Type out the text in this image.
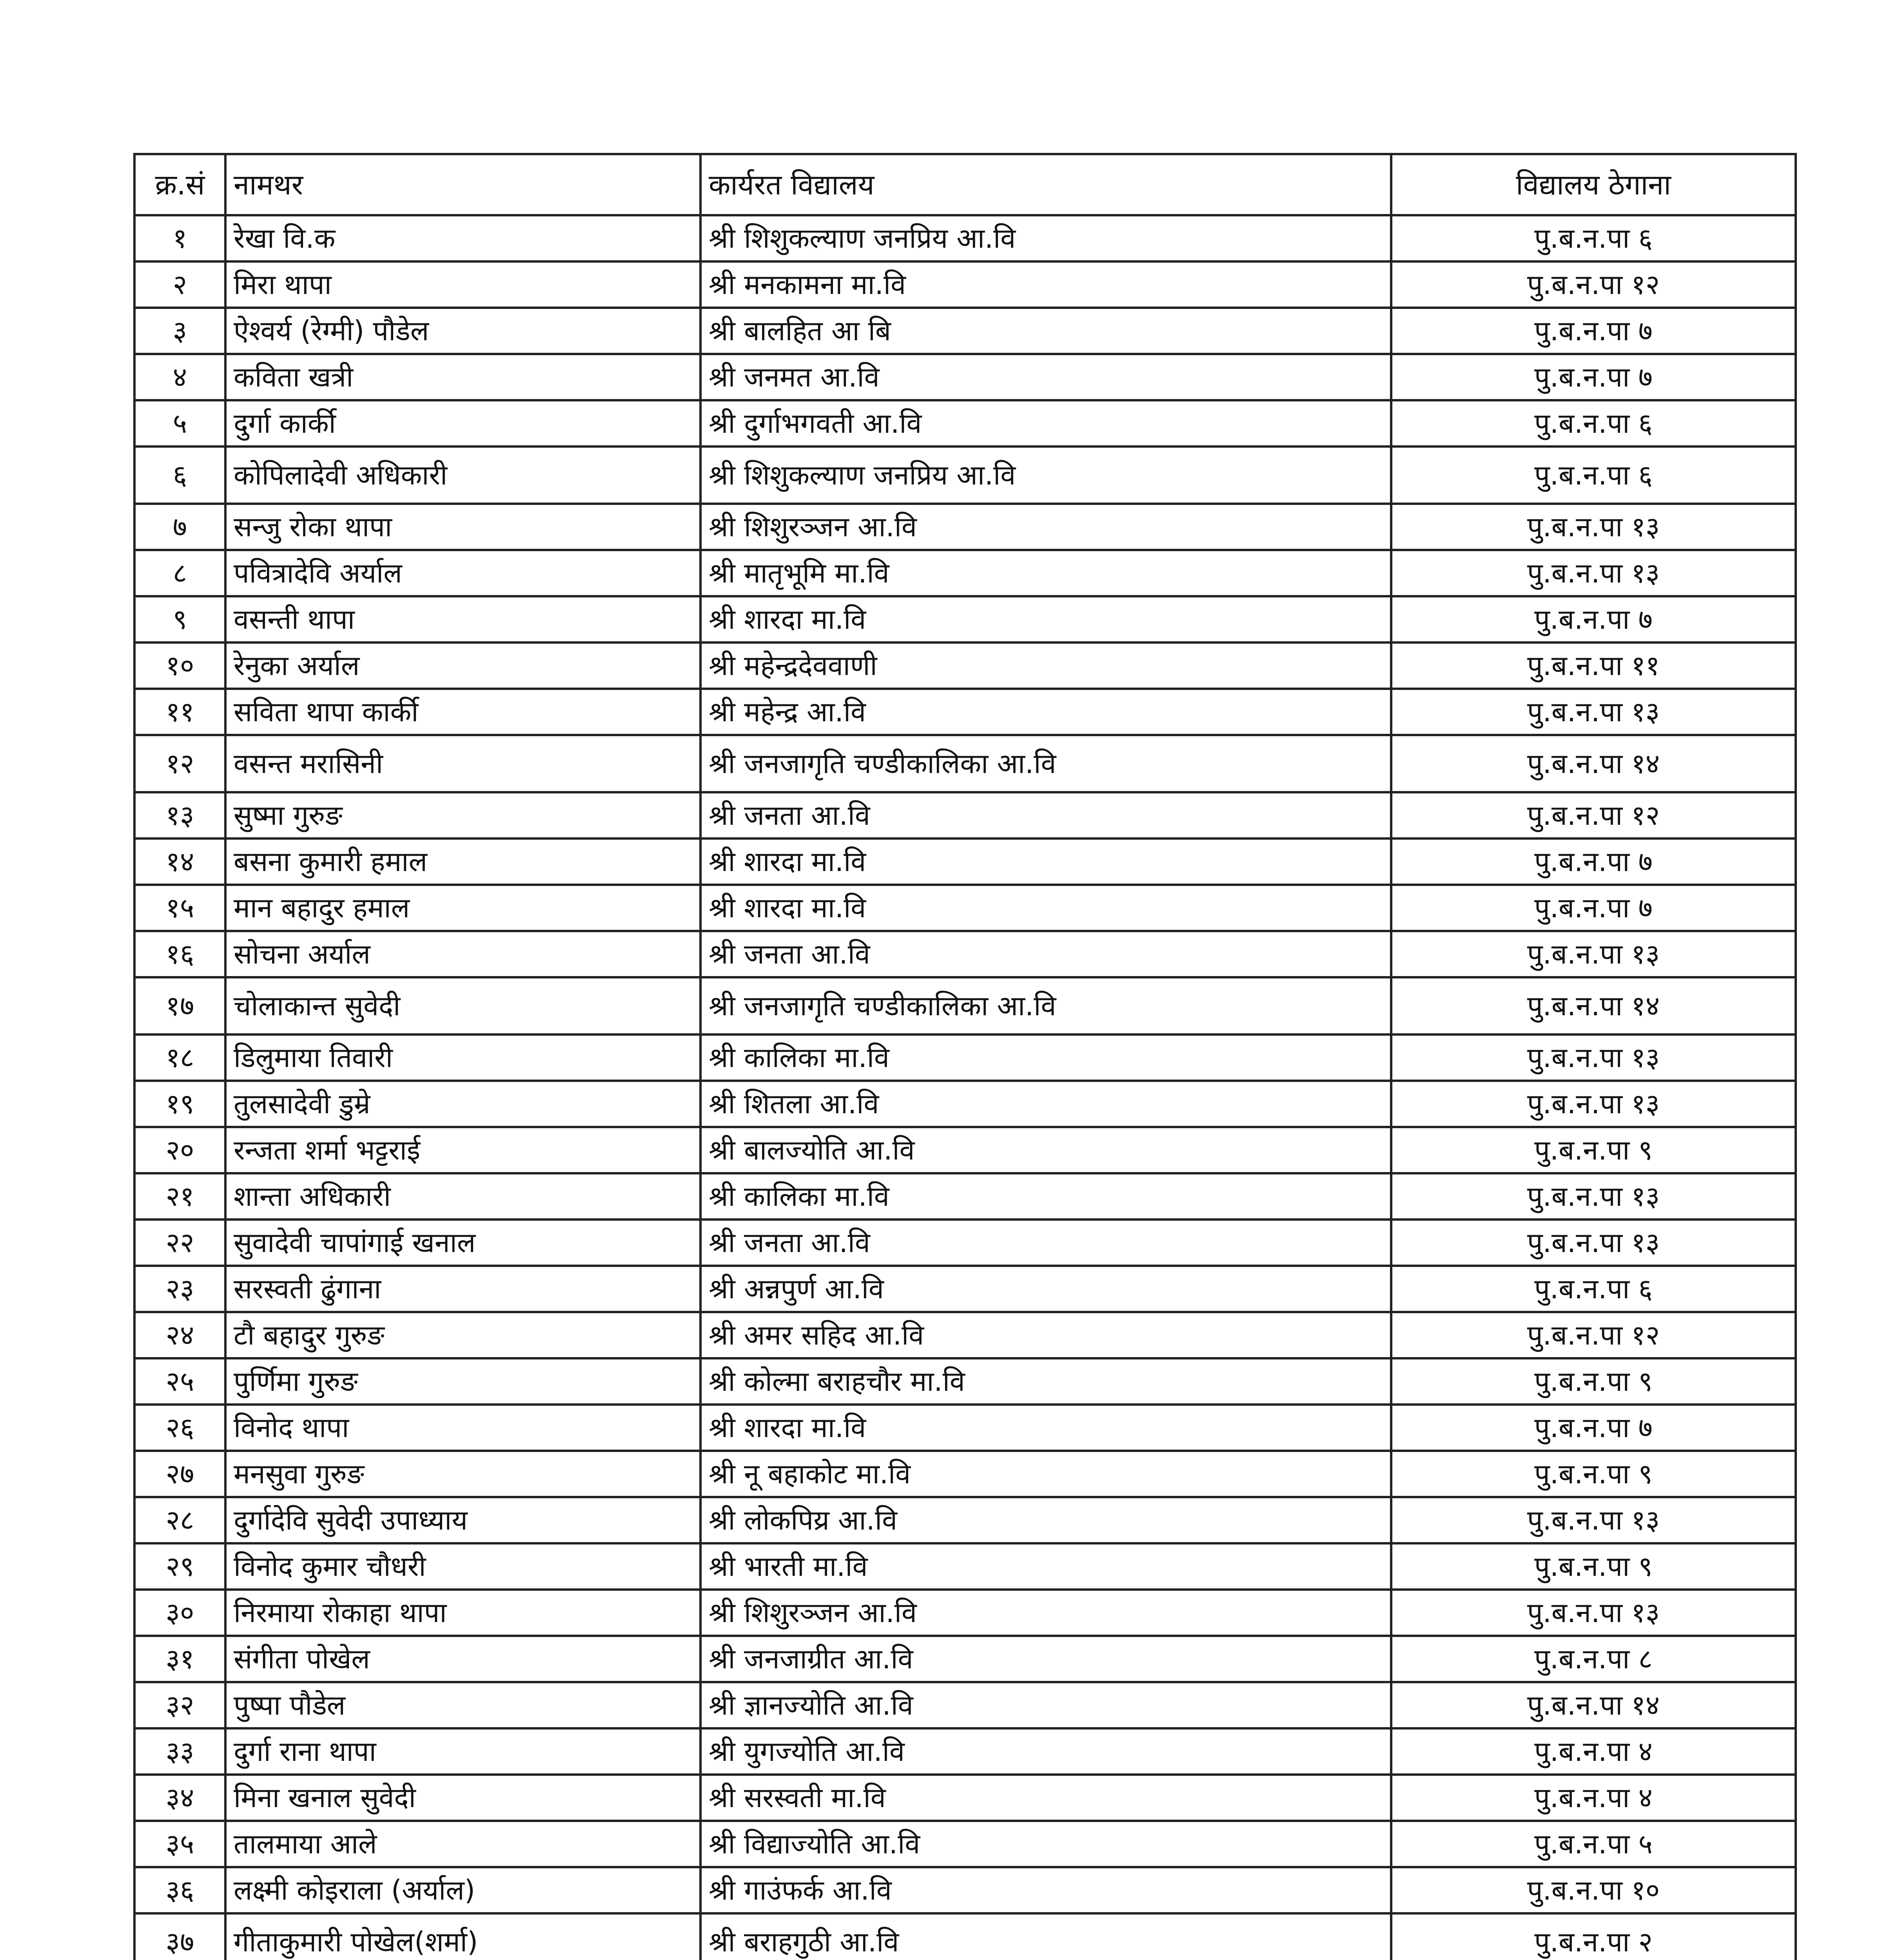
क्र.सं	नामथर	कार्यरत विद्यालय	विद्यालय ठेगाना
१	रेखा वि.क	श्री शिशुकल्याण जनप्रिय आ.वि	पु.ब.न.पा ६
२	मिरा थापा	श्री मनकामना मा.वि	पु.ब.न.पा १२
३	ऐश्वर्य (रेग्मी) पौडेल	श्री बालहित आ बि	पु.ब.न.पा ७
४	कविता खत्री	श्री जनमत आ.वि	पु.ब.न.पा ७
५	दुर्गा कार्की	श्री दुर्गाभगवती आ.वि	पु.ब.न.पा ६
६	कोपिलादेवी अधिकारी	श्री शिशुकल्याण जनप्रिय आ.वि	पु.ब.न.पा ६
७	सन्जु रोका थापा	श्री शिशुरञ्जन आ.वि	पु.ब.न.पा १३
८	पवित्रादेवि अर्याल	श्री मातृभूमि मा.वि	पु.ब.न.पा १३
९	वसन्ती थापा	श्री शारदा मा.वि	पु.ब.न.पा ७
१०	रेनुका अर्याल	श्री महेन्द्रदेववाणी	पु.ब.न.पा ११
११	सविता थापा कार्की	श्री महेन्द्र आ.वि	पु.ब.न.पा १३
१२	वसन्त मरासिनी	श्री जनजागृति चण्डीकालिका आ.वि	पु.ब.न.पा १४
१३	सुष्मा गुरुङ	श्री जनता आ.वि	पु.ब.न.पा १२
१४	बसना कुमारी हमाल	श्री शारदा मा.वि	पु.ब.न.पा ७
१५	मान बहादुर हमाल	श्री शारदा मा.वि	पु.ब.न.पा ७
१६	सोचना अर्याल	श्री जनता आ.वि	पु.ब.न.पा १३
१७	चोलाकान्त सुवेदी	श्री जनजागृति चण्डीकालिका आ.वि	पु.ब.न.पा १४
१८	डिलुमाया तिवारी	श्री कालिका मा.वि	पु.ब.न.पा १३
१९	तुलसादेवी डुम्रे	श्री शितला आ.वि	पु.ब.न.पा १३
२०	रन्जता शर्मा भट्टराई	श्री बालज्योति आ.वि	पु.ब.न.पा ९
२१	शान्ता अधिकारी	श्री कालिका मा.वि	पु.ब.न.पा १३
२२	सुवादेवी चापांगाई खनाल	श्री जनता आ.वि	पु.ब.न.पा १३
२३	सरस्वती ढुंगाना	श्री अन्नपुर्ण आ.वि	पु.ब.न.पा ६
२४	टौ बहादुर गुरुङ	श्री अमर सहिद आ.वि	पु.ब.न.पा १२
२५	पुर्णिमा गुरुङ	श्री कोल्मा बराहचौर मा.वि	पु.ब.न.पा ९
२६	विनोद थापा	श्री शारदा मा.वि	पु.ब.न.पा ७
२७	मनसुवा गुरुङ	श्री नू बहाकोट मा.वि	पु.ब.न.पा ९
२८	दुर्गादेवि सुवेदी उपाध्याय	श्री लोकपिय्र आ.वि	पु.ब.न.पा १३
२९	विनोद कुमार चौधरी	श्री भारती मा.वि	पु.ब.न.पा ९
३०	निरमाया रोकाहा थापा	श्री शिशुरञ्जन आ.वि	पु.ब.न.पा १३
३१	संगीता पोखेल	श्री जनजाग्रीत आ.वि	पु.ब.न.पा ८
३२	पुष्पा पौडेल	श्री ज्ञानज्योति आ.वि	पु.ब.न.पा १४
३३	दुर्गा राना थापा	श्री युगज्योति आ.वि	पु.ब.न.पा ४
३४	मिना खनाल सुवेदी	श्री सरस्वती मा.वि	पु.ब.न.पा ४
३५	तालमाया आले	श्री विद्याज्योति आ.वि	पु.ब.न.पा ५
३६	लक्ष्मी कोइराला (अर्याल)	श्री गाउंफर्क आ.वि	पु.ब.न.पा १०
३७	गीताकुमारी पोखेल(शर्मा)	श्री बराहगुठी आ.वि	पु.ब.न.पा २
